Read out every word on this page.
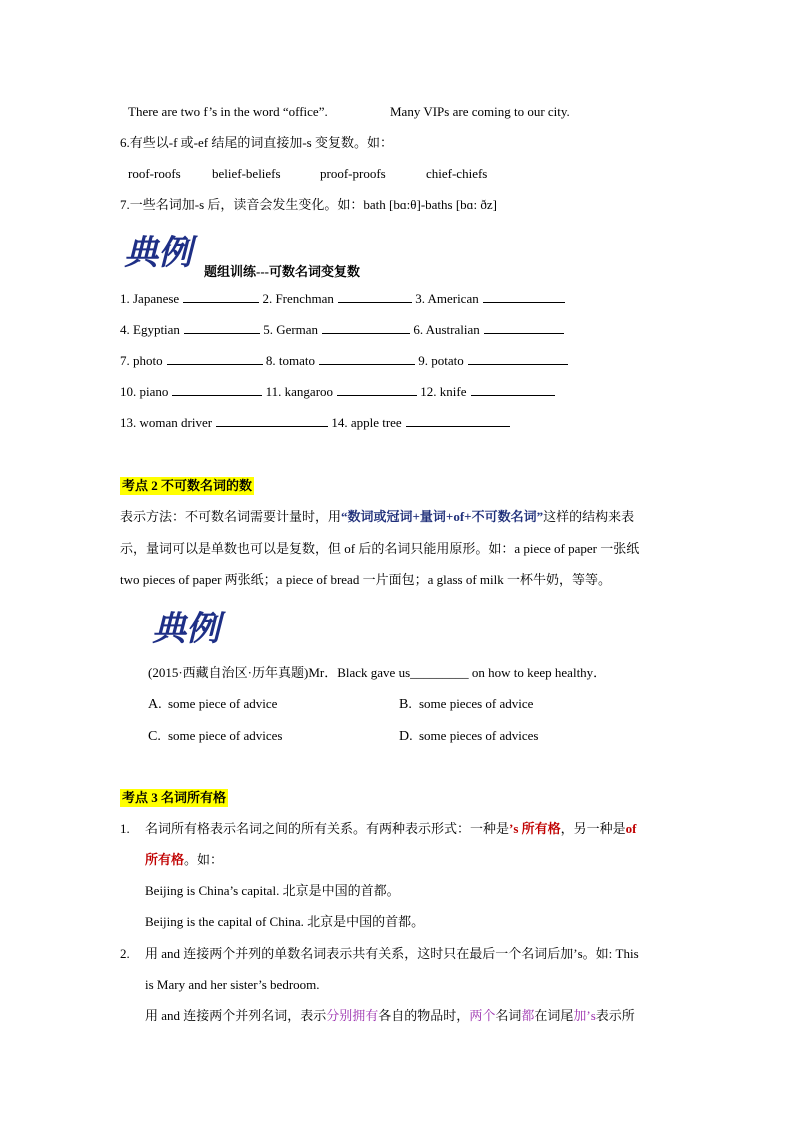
There are two f’s in the word “office”.	Many VIPs are coming to our city.
6.有些以-f 或-ef 结尾的词直接加-s 变复数。如：
roof-roofs belief-beliefs	proof-proofs	chief-chiefs
7.一些名词加-s 后，读音会发生变化。如：bath [bɑ:θ]-baths [bɑ: ðz]
典例 题组训练---可数名词变复数
1. Japanese	2. Frenchman	3. American
4. Egyptian	5. German	6. Australian
7. photo	8. tomato	9. potato
10. piano	11. kangaroo	12. knife
13. woman driver	14. apple tree
考点 2 不可数名词的数
表示方法：不可数名词需要计量时，用“数词或冠词+量词+of+不可数名词”这样的结构来表
示，量词可以是单数也可以是复数，但 of 后的名词只能用原形。如：a piece of paper 一张纸
two pieces of paper 两张纸；a piece of bread 一片面包；a glass of milk 一杯牛奶，等等。
典例
(2015·西藏自治区·历年真题)Mr．Black gave us_________ on how to keep healthy．
A. some piece of advice	B. some pieces of advice
C. some piece of advices	D. some pieces of advices
考点 3 名词所有格
1. 名词所有格表示名词之间的所有关系。有两种表示形式：一种是’s 所有格，另一种是of
所有格。如：
Beijing is China’s capital. 北京是中国的首都。
Beijing is the capital of China. 北京是中国的首都。
2. 用 and 连接两个并列的单数名词表示共有关系，这时只在最后一个名词后加’s。如: This
is Mary and her sister’s bedroom.
用 and 连接两个并列名词，表示分别拥有各自的物品时，两个名词都在词尾加’s表示所
